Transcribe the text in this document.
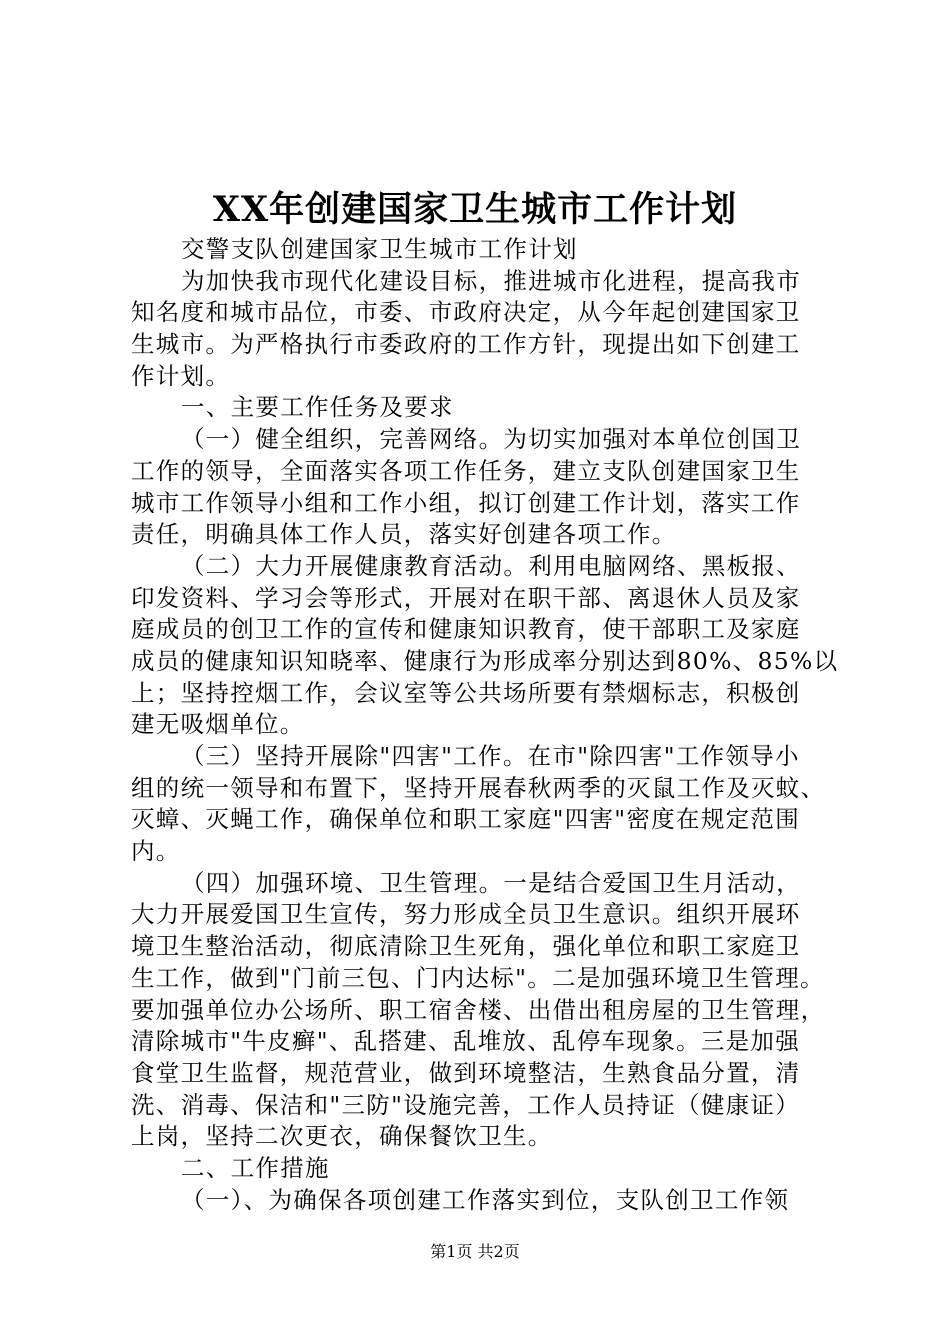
XX年创建国家卫生城市工作计划
交警支队创建国家卫生城市工作计划
为加快我市现代化建设目标，推进城市化进程，提高我市
知名度和城市品位，市委、市政府决定，从今年起创建国家卫
生城市。为严格执行市委政府的工作方针，现提出如下创建工
作计划。
一、主要工作任务及要求
（一）健全组织，完善网络。为切实加强对本单位创国卫
工作的领导，全面落实各项工作任务，建立支队创建国家卫生
城市工作领导小组和工作小组，拟订创建工作计划，落实工作
责任，明确具体工作人员，落实好创建各项工作。
（二）大力开展健康教育活动。利用电脑网络、黑板报、
印发资料、学习会等形式，开展对在职干部、离退休人员及家
庭成员的创卫工作的宣传和健康知识教育，使干部职工及家庭
成员的健康知识知晓率、健康行为形成率分别达到80%、85%以
上；坚持控烟工作，会议室等公共场所要有禁烟标志，积极创
建无吸烟单位。
（三）坚持开展除"四害"工作。在市"除四害"工作领导小
组的统一领导和布置下，坚持开展春秋两季的灭鼠工作及灭蚊、
灭蟑、灭蝇工作，确保单位和职工家庭"四害"密度在规定范围
内。
（四）加强环境、卫生管理。一是结合爱国卫生月活动，
大力开展爱国卫生宣传，努力形成全员卫生意识。组织开展环
境卫生整治活动，彻底清除卫生死角，强化单位和职工家庭卫
生工作，做到"门前三包、门内达标"。二是加强环境卫生管理。
要加强单位办公场所、职工宿舍楼、出借出租房屋的卫生管理，
清除城市"牛皮癣"、乱搭建、乱堆放、乱停车现象。三是加强
食堂卫生监督，规范营业，做到环境整洁，生熟食品分置，清
洗、消毒、保洁和"三防"设施完善，工作人员持证（健康证）
上岗，坚持二次更衣，确保餐饮卫生。
二、工作措施
（一）、为确保各项创建工作落实到位，支队创卫工作领
第1页 共2页
